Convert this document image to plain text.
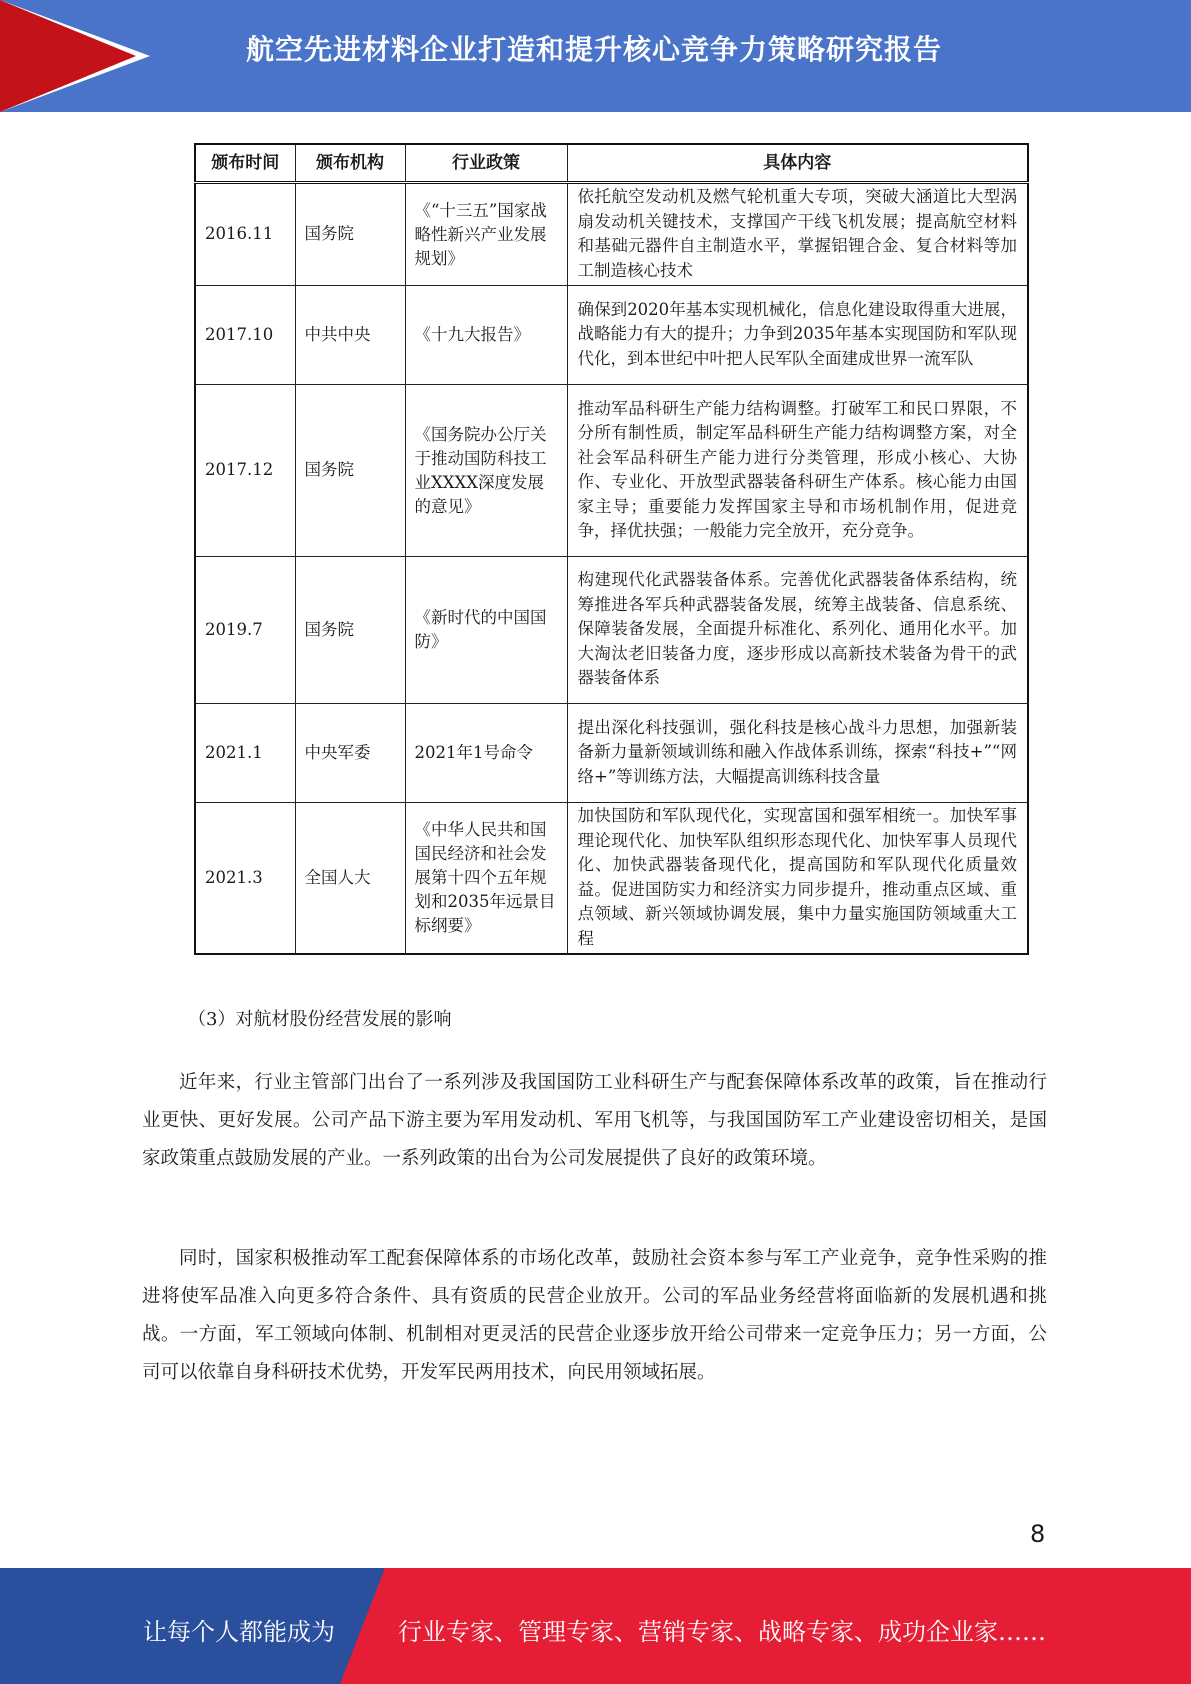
航空先进材料企业打造和提升核心竞争力策略研究报告
颁布时间	颁布机构	行业政策	具体内容
2016.11	国务院	《“十三五”国家战略性新兴产业发展规划》	依托航空发动机及燃气轮机重大专项，突破大涵道比大型涡扇发动机关键技术，支撑国产干线飞机发展；提高航空材料和基础元器件自主制造水平，掌握铝锂合金、复合材料等加工制造核心技术
2017.10	中共中央	《十九大报告》	确保到2020年基本实现机械化，信息化建设取得重大进展，战略能力有大的提升；力争到2035年基本实现国防和军队现代化，到本世纪中叶把人民军队全面建成世界一流军队
2017.12	国务院	《国务院办公厅关于推动国防科技工业XXXX深度发展的意见》	推动军品科研生产能力结构调整。打破军工和民口界限，不分所有制性质，制定军品科研生产能力结构调整方案，对全社会军品科研生产能力进行分类管理，形成小核心、大协作、专业化、开放型武器装备科研生产体系。核心能力由国家主导；重要能力发挥国家主导和市场机制作用，促进竞争，择优扶强；一般能力完全放开，充分竞争。
2019.7	国务院	《新时代的中国国防》	构建现代化武器装备体系。完善优化武器装备体系结构，统筹推进各军兵种武器装备发展，统筹主战装备、信息系统、保障装备发展，全面提升标准化、系列化、通用化水平。加大淘汰老旧装备力度，逐步形成以高新技术装备为骨干的武器装备体系
2021.1	中央军委	2021年1号命令	提出深化科技强训，强化科技是核心战斗力思想，加强新装备新力量新领域训练和融入作战体系训练，探索“科技+”“网络+”等训练方法，大幅提高训练科技含量
2021.3	全国人大	《中华人民共和国国民经济和社会发展第十四个五年规划和2035年远景目标纲要》	加快国防和军队现代化，实现富国和强军相统一。加快军事理论现代化、加快军队组织形态现代化、加快军事人员现代化、加快武器装备现代化，提高国防和军队现代化质量效益。促进国防实力和经济实力同步提升，推动重点区域、重点领域、新兴领域协调发展，集中力量实施国防领域重大工程
（3）对航材股份经营发展的影响

近年来，行业主管部门出台了一系列涉及我国国防工业科研生产与配套保障体系改革的政策，旨在推动行业更快、更好发展。公司产品下游主要为军用发动机、军用飞机等，与我国国防军工产业建设密切相关，是国家政策重点鼓励发展的产业。一系列政策的出台为公司发展提供了良好的政策环境。

同时，国家积极推动军工配套保障体系的市场化改革，鼓励社会资本参与军工产业竞争，竞争性采购的推进将使军品准入向更多符合条件、具有资质的民营企业放开。公司的军品业务经营将面临新的发展机遇和挑战。一方面，军工领域向体制、机制相对更灵活的民营企业逐步放开给公司带来一定竞争压力；另一方面，公司可以依靠自身科研技术优势，开发军民两用技术，向民用领域拓展。

8
让每个人都能成为	行业专家、管理专家、营销专家、战略专家、成功企业家……
